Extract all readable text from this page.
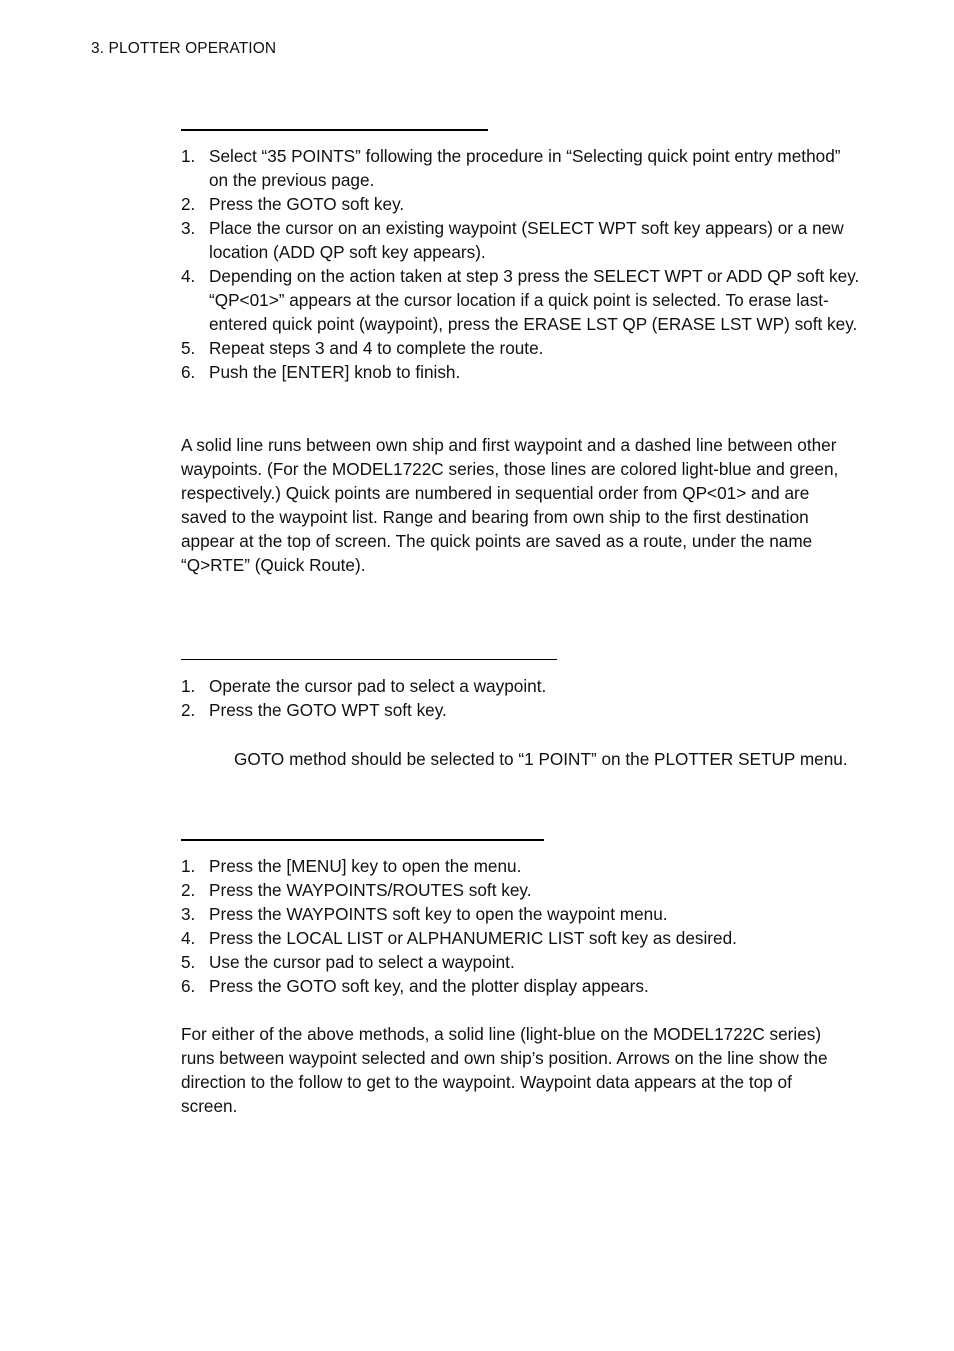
3. PLOTTER OPERATION
1. Select “35 POINTS” following the procedure in “Selecting quick point entry method” on the previous page.
2. Press the GOTO soft key.
3. Place the cursor on an existing waypoint (SELECT WPT soft key appears) or a new location (ADD QP soft key appears).
4. Depending on the action taken at step 3 press the SELECT WPT or ADD QP soft key. “QP<01>” appears at the cursor location if a quick point is selected. To erase last-entered quick point (waypoint), press the ERASE LST QP (ERASE LST WP) soft key.
5. Repeat steps 3 and 4 to complete the route.
6. Push the [ENTER] knob to finish.

A solid line runs between own ship and first waypoint and a dashed line between other waypoints. (For the MODEL1722C series, those lines are colored light-blue and green, respectively.) Quick points are numbered in sequential order from QP<01> and are saved to the waypoint list. Range and bearing from own ship to the first destination appear at the top of screen. The quick points are saved as a route, under the name “Q>RTE” (Quick Route).

1. Operate the cursor pad to select a waypoint.
2. Press the GOTO WPT soft key.

GOTO method should be selected to “1 POINT” on the PLOTTER SETUP menu.

1. Press the [MENU] key to open the menu.
2. Press the WAYPOINTS/ROUTES soft key.
3. Press the WAYPOINTS soft key to open the waypoint menu.
4. Press the LOCAL LIST or ALPHANUMERIC LIST soft key as desired.
5. Use the cursor pad to select a waypoint.
6. Press the GOTO soft key, and the plotter display appears.

For either of the above methods, a solid line (light-blue on the MODEL1722C series) runs between waypoint selected and own ship’s position. Arrows on the line show the direction to the follow to get to the waypoint. Waypoint data appears at the top of screen.
